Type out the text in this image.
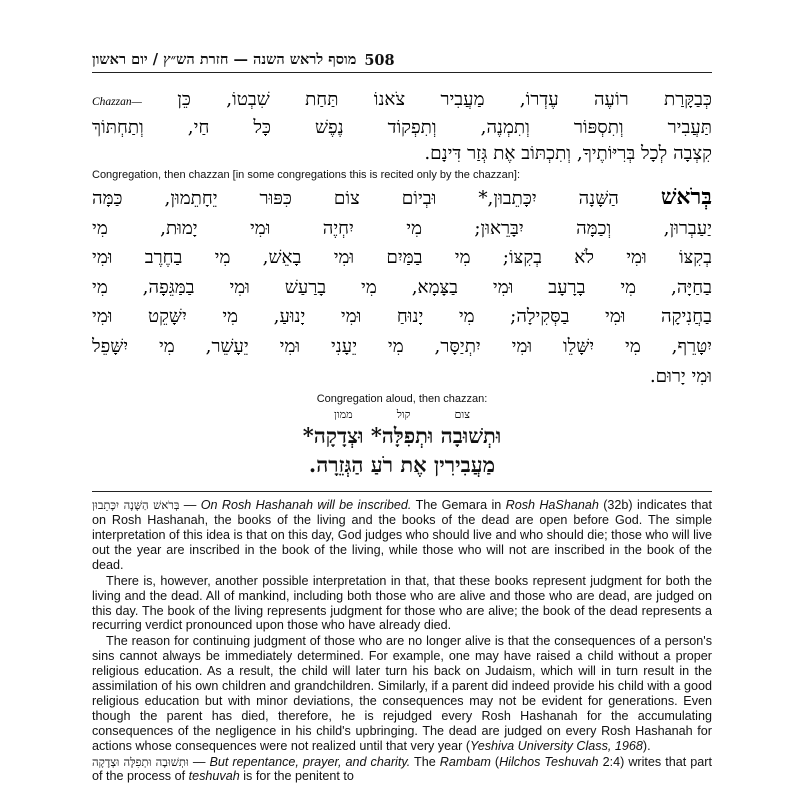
508
מוסף לראש השנה — חזרת הש״ץ / יום ראשון
כְּבַקָּרַת רוֹעֶה עֶדְרוֹ, מַעֲבִיר צֹאנוֹ תַּחַת שִׁבְטוֹ, כֵּן Chazzan—
תַּעֲבִיר וְתִסְפּוֹר וְתִמְנֶה, וְתִפְקוֹד נֶפֶשׁ כָּל חַי, וְתַחְתּוֹךְ
קִצְבָה לְכָל בְּרִיּוֹתֶיךָ, וְתִכְתּוֹב אֶת גְּזַר דִּינָם.
Congregation, then chazzan [in some congregations this is recited only by the chazzan]:
בְּרֹאשׁ הַשָּׁנָה יִכָּתֵבוּן,* וּבְיוֹם צוֹם כִּפּוּר יֵחָתֵמוּן, כַּמָּה
יַעַבְרוּן, וְכַמָּה יִבָּרֵאוּן; מִי יִחְיֶה וּמִי יָמוּת, מִי
בְקִצּוֹ וּמִי לֹא בְקִצּוֹ; מִי בַמַּיִם וּמִי בָאֵשׁ, מִי בַחֶרֶב וּמִי
בַחַיָּה, מִי בָרָעָב וּמִי בַצָּמָא, מִי בָרַעַשׁ וּמִי בַמַּגֵּפָה, מִי
בַחֲנִיקָה וּמִי בַסְּקִילָה; מִי יָנוּחַ וּמִי יָנוּעַ, מִי יִשָּׁקֵט וּמִי
יִטָּרֵף, מִי יִשָּׁלֵו וּמִי יִתְיַסָּר, מִי יֵעָנִי וּמִי יֵעָשֵׁר, מִי יִשָּׁפֵל
וּמִי יָרוּם.
Congregation aloud, then chazzan:
צום
קול
ממון
וּתְשׁוּבָה וּתְפִלָּה* וּצְדָקָה*
מַעֲבִירִין אֶת רֹעַ הַגְּזֵרָה.

בְּרֹאשׁ הַשָּׁנָה יִכָּתֵבוּן — On Rosh Hashanah will be inscribed. The Gemara in Rosh HaShanah (32b) indicates that on Rosh Hashanah, the books of the living and the books of the dead are open before God. The simple interpretation of this idea is that on this day, God judges who should live and who should die; those who will live out the year are inscribed in the book of the living, while those who will not are inscribed in the book of the dead.

There is, however, another possible interpretation in that, that these books represent judgment for both the living and the dead. All of mankind, including both those who are alive and those who are dead, are judged on this day. The book of the living represents judgment for those who are alive; the book of the dead represents a recurring verdict pronounced upon those who have already died.

The reason for continuing judgment of those who are no longer alive is that the consequences of a person's sins cannot always be immediately determined. For example, one may have raised a child without a proper religious education. As a result, the child will later turn his back on Judaism, which will in turn result in the assimilation of his own children and grandchildren. Similarly, if a parent did indeed provide his child with a good religious education but with minor deviations, the consequences may not be evident for generations. Even though the parent has died, therefore, he is rejudged every Rosh Hashanah for the accumulating consequences of the negligence in his child's upbringing. The dead are judged on every Rosh Hashanah for actions whose consequences were not realized until that very year (Yeshiva University Class, 1968).

וּתְשׁוּבָה וּתְפִלָּה וּצְדָקָה — But repentance, prayer, and charity. The Rambam (Hilchos Teshuvah 2:4) writes that part of the process of teshuvah is for the penitent to
